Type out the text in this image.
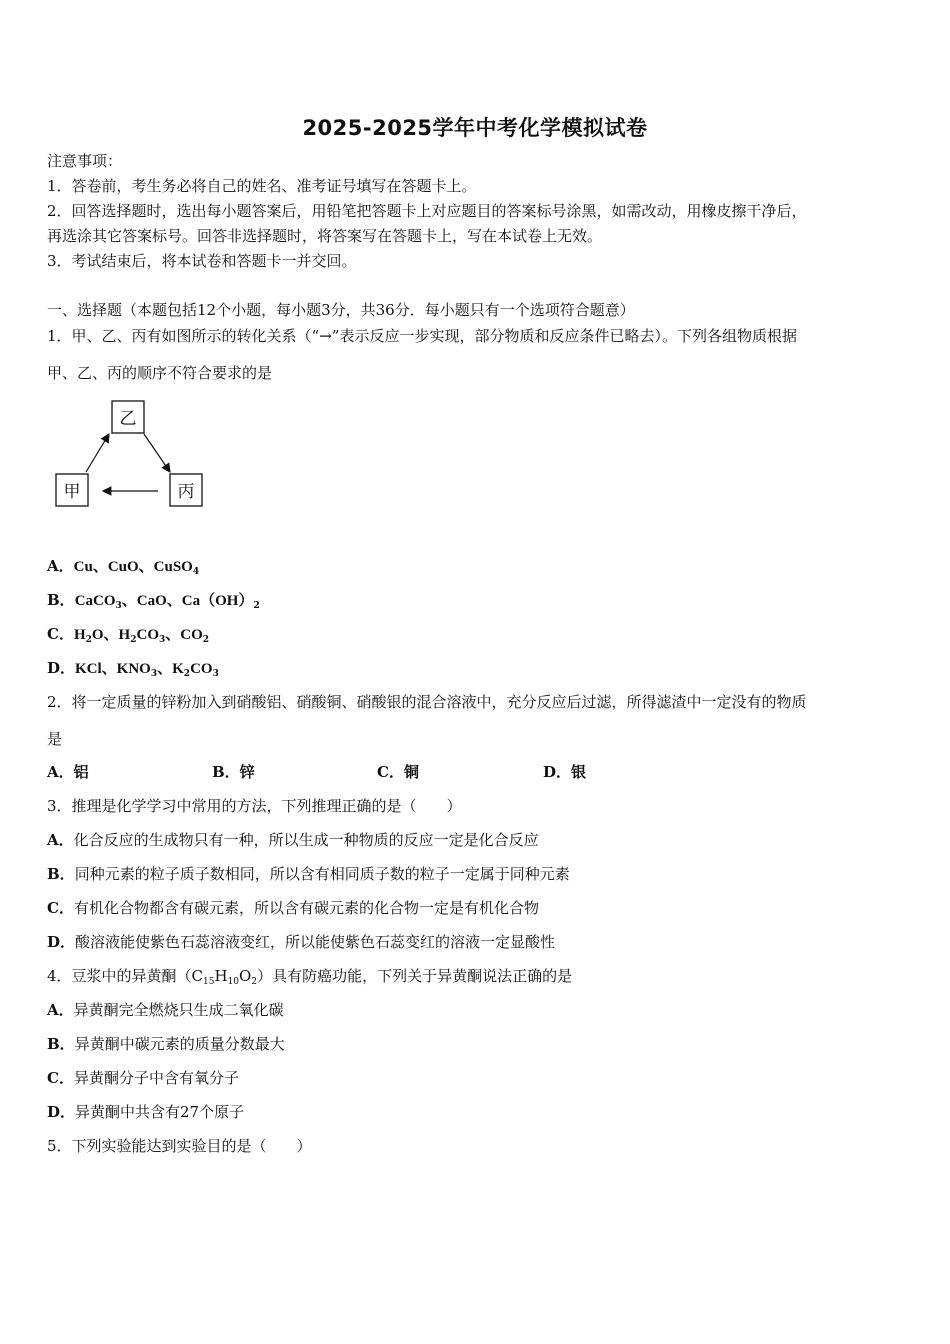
2025-2025学年中考化学模拟试卷
注意事项：
1．答卷前，考生务必将自己的姓名、准考证号填写在答题卡上。
2．回答选择题时，选出每小题答案后，用铅笔把答题卡上对应题目的答案标号涂黑，如需改动，用橡皮擦干净后，
再选涂其它答案标号。回答非选择题时，将答案写在答题卡上，写在本试卷上无效。
3．考试结束后，将本试卷和答题卡一并交回。
一、选择题（本题包括12个小题，每小题3分，共36分．每小题只有一个选项符合题意）
1．甲、乙、丙有如图所示的转化关系（“→”表示反应一步实现，部分物质和反应条件已略去）。下列各组物质根据
甲、乙、丙的顺序不符合要求的是
乙
甲	丙
A．Cu、CuO、CuSO$_4$
B．CaCO$_3$、CaO、$Ca(OH)_2$
C．$H_2O$、$H_2CO_3$、$CO_2$
D．KCl、$KNO_3$、$K_2CO_3$
2．将一定质量的锌粉加入到硝酸铝、硝酸铜、硝酸银的混合溶液中，充分反应后过滤，所得滤渣中一定没有的物质
是
A．铝	B．锌	C．铜	D．银
3．推理是化学学习中常用的方法，下列推理正确的是（　　）
A．化合反应的生成物只有一种，所以生成一种物质的反应一定是化合反应
B．同种元素的粒子质子数相同，所以含有相同质子数的粒子一定属于同种元素
C．有机化合物都含有碳元素，所以含有碳元素的化合物一定是有机化合物
D．酸溶液能使紫色石蕊溶液变红，所以能使紫色石蕊变红的溶液一定显酸性
4．豆浆中的异黄酮$(C_{15}H_{10}O_2)$具有防癌功能，下列关于异黄酮说法正确的是
A．异黄酮完全燃烧只生成二氧化碳
B．异黄酮中碳元素的质量分数最大
C．异黄酮分子中含有氧分子
D．异黄酮中共含有27个原子
5．下列实验能达到实验目的是（　　）
